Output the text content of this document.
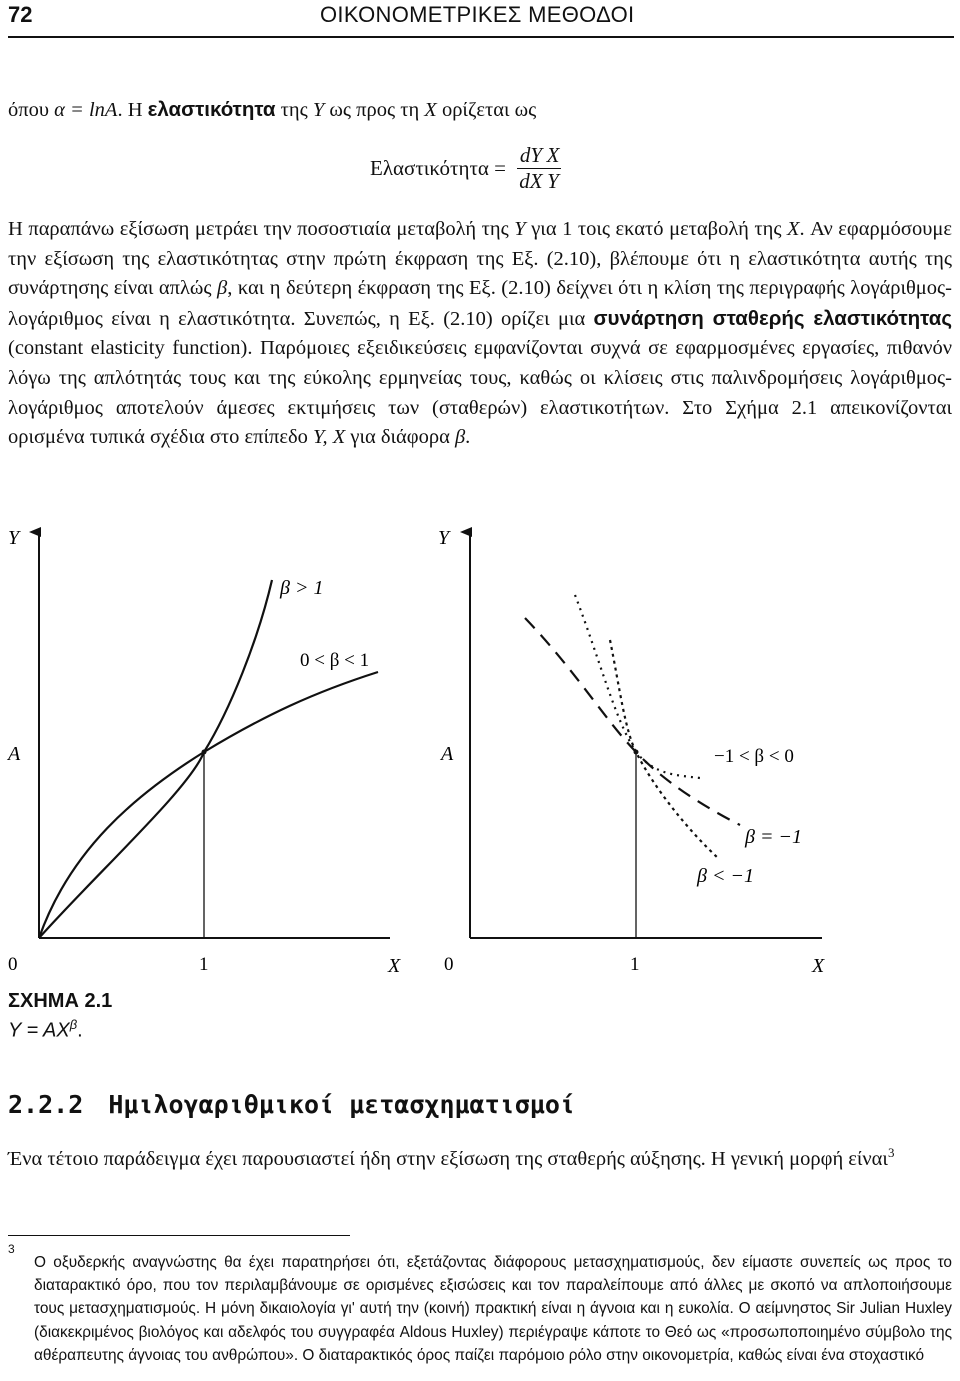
72	ΟΙΚΟΝΟΜΕΤΡΙΚΕΣ ΜΕΘΟΔΟΙ
όπου α = lnA. Η ελαστικότητα της Y ως προς τη X ορίζεται ως
$E\lambda\alpha\sigma\tau\iota\kappa ό\tau\eta\tau\alpha = \frac{dY}{dX} \frac{X}{Y}$
Η παραπάνω εξίσωση μετράει την ποσοστιαία μεταβολή της Y για 1 τοις εκατό μεταβολή της X. Αν εφαρμόσουμε την εξίσωση της ελαστικότητας στην πρώτη έκφραση της Εξ. (2.10), βλέπουμε ότι η ελαστικότητα αυτής της συνάρτησης είναι απλώς β, και η δεύτερη έκφραση της Εξ. (2.10) δείχνει ότι η κλίση της περιγραφής λογάριθμος-λογάριθμος είναι η ελαστικότητα. Συνεπώς, η Εξ. (2.10) ορίζει μια συνάρτηση σταθερής ελαστικότητας (constant elasticity function). Παρόμοιες εξειδικεύσεις εμφανίζονται συχνά σε εφαρμοσμένες εργασίες, πιθανόν λόγω της απλότητάς τους και της εύκολης ερμηνείας τους, καθώς οι κλίσεις στις παλινδρομήσεις λογάριθμος-λογάριθμος αποτελούν άμεσες εκτιμήσεις των (σταθερών) ελαστικοτήτων. Στο Σχήμα 2.1 απεικονίζονται ορισμένα τυπικά σχέδια στο επίπεδο Y, X για διάφορα β.
Y
A
0	1	X
β > 1
0 < β < 1
Y
A
0	1	X
−1 < β < 0
β = −1
β < −1
ΣΧΗΜΑ 2.1
$Y = AX^\beta$.
2.2.2 Ημιλογαριθμικοί μετασχηματισμοί
Ένα τέτοιο παράδειγμα έχει παρουσιαστεί ήδη στην εξίσωση της σταθερής αύξησης. Η γενική μορφή είναι$^3$
3
Ο οξυδερκής αναγνώστης θα έχει παρατηρήσει ότι, εξετάζοντας διάφορους μετασχηματισμούς, δεν είμαστε συνεπείς ως προς το διαταρακτικό όρο, που τον περιλαμβάνουμε σε ορισμένες εξισώσεις και τον παραλείπουμε από άλλες με σκοπό να απλοποιήσουμε τους μετασχηματισμούς. Η μόνη δικαιολογία γι' αυτή την (κοινή) πρακτική είναι η άγνοια και η ευκολία. Ο αείμνηστος Sir Julian Huxley (διακεκριμένος βιολόγος και αδελφός του συγγραφέα Aldous Huxley) περιέγραψε κάποτε το Θεό ως «προσωποποιημένο σύμβολο της αθέραπευτης άγνοιας του ανθρώπου». Ο διαταρακτικός όρος παίζει παρόμοιο ρόλο στην οικονομετρία, καθώς είναι ένα στοχαστικό
